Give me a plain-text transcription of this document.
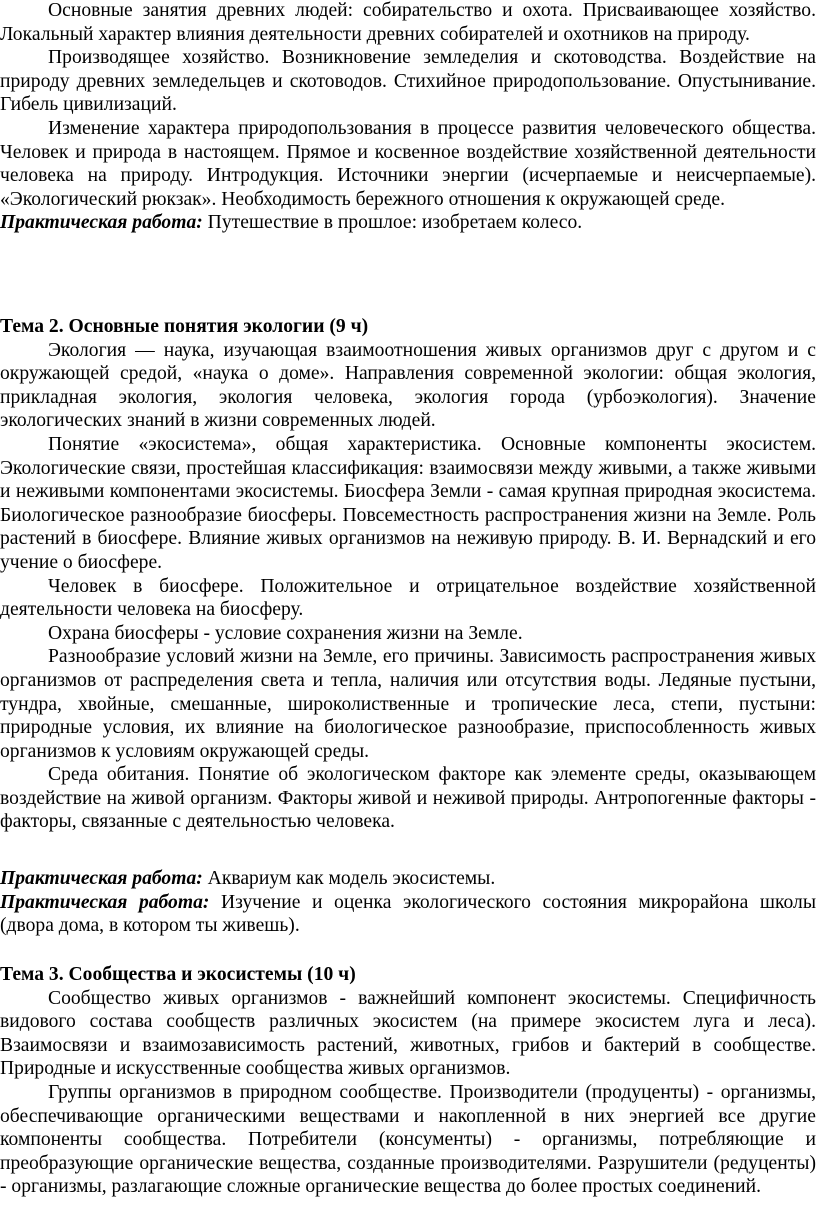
Основные занятия древних людей: собирательство и охота. Присваивающее хозяйство. Локальный характер влияния деятельности древних собирателей и охотников на природу.

Производящее хозяйство. Возникновение земледелия и скотоводства. Воздействие на природу древних земледельцев и скотоводов. Стихийное природопользование. Опустынивание. Гибель цивилизаций.

Изменение характера природопользования в процессе развития человеческого общества. Человек и природа в настоящем. Прямое и косвенное воздействие хозяйственной деятельности человека на природу. Интродукция. Источники энергии (исчерпаемые и неисчерпаемые). «Экологический рюкзак». Необходимость бережного отношения к окружающей среде.

Практическая работа: Путешествие в прошлое: изобретаем колесо.

Тема 2. Основные понятия экологии (9 ч)

Экология — наука, изучающая взаимоотношения живых организмов друг с другом и с окружающей средой, «наука о доме». Направления современной экологии: общая экология, прикладная экология, экология человека, экология города (урбоэкология). Значение экологических знаний в жизни современных людей.

Понятие «экосистема», общая характеристика. Основные компоненты экосистем. Экологические связи, простейшая классификация: взаимосвязи между живыми, а также живыми и неживыми компонентами экосистемы. Биосфера Земли - самая крупная природная экосистема. Биологическое разнообразие биосферы. Повсеместность распространения жизни на Земле. Роль растений в биосфере. Влияние живых организмов на неживую природу. В. И. Вернадский и его учение о биосфере.

Человек в биосфере. Положительное и отрицательное воздействие хозяйственной деятельности человека на биосферу.

Охрана биосферы - условие сохранения жизни на Земле.

Разнообразие условий жизни на Земле, его причины. Зависимость распространения живых организмов от распределения света и тепла, наличия или отсутствия воды. Ледяные пустыни, тундра, хвойные, смешанные, широколиственные и тропические леса, степи, пустыни: природные условия, их влияние на биологическое разнообразие, приспособленность живых организмов к условиям окружающей среды.

Среда обитания. Понятие об экологическом факторе как элементе среды, оказывающем воздействие на живой организм. Факторы живой и неживой природы. Антропогенные факторы - факторы, связанные с деятельностью человека.

Практическая работа: Аквариум как модель экосистемы.

Практическая работа: Изучение и оценка экологического состояния микрорайона школы (двора дома, в котором ты живешь).

Тема 3. Сообщества и экосистемы (10 ч)

Сообщество живых организмов - важнейший компонент экосистемы. Специфичность видового состава сообществ различных экосистем (на примере экосистем луга и леса). Взаимосвязи и взаимозависимость растений, животных, грибов и бактерий в сообществе. Природные и искусственные сообщества живых организмов.

Группы организмов в природном сообществе. Производители (продуценты) - организмы, обеспечивающие органическими веществами и накопленной в них энергией все другие компоненты сообщества. Потребители (консументы) - организмы, потребляющие и преобразующие органические вещества, созданные производителями. Разрушители (редуценты) - организмы, разлагающие сложные органические вещества до более простых соединений.
